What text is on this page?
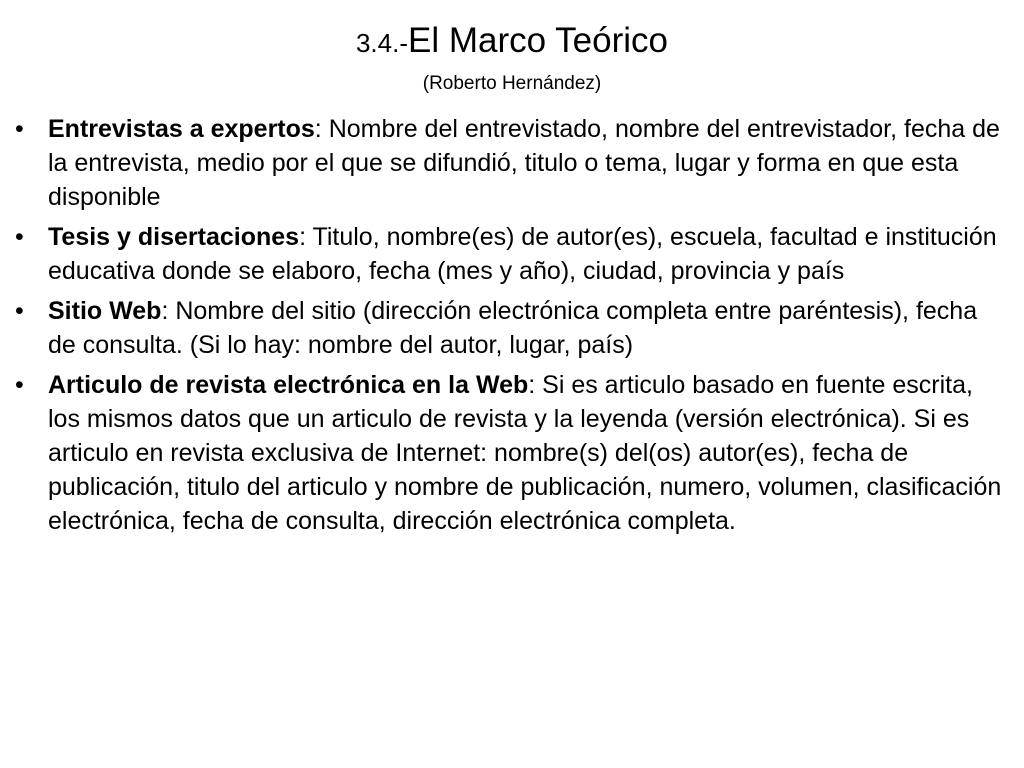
3.4.-El Marco Teórico
(Roberto Hernández)
• Entrevistas a expertos: Nombre del entrevistado, nombre del entrevistador, fecha de la entrevista, medio por el que se difundió, titulo o tema, lugar y forma en que esta disponible
• Tesis y disertaciones: Titulo, nombre(es) de autor(es), escuela, facultad e institución educativa donde se elaboro, fecha (mes y año), ciudad, provincia y país
• Sitio Web: Nombre del sitio (dirección electrónica completa entre paréntesis), fecha de consulta. (Si lo hay: nombre del autor, lugar, país)
• Articulo de revista electrónica en la Web: Si es articulo basado en fuente escrita, los mismos datos que un articulo de revista y la leyenda (versión electrónica). Si es articulo en revista exclusiva de Internet: nombre(s) del(os) autor(es), fecha de publicación, titulo del articulo y nombre de publicación, numero, volumen, clasificación electrónica, fecha de consulta, dirección electrónica completa.
